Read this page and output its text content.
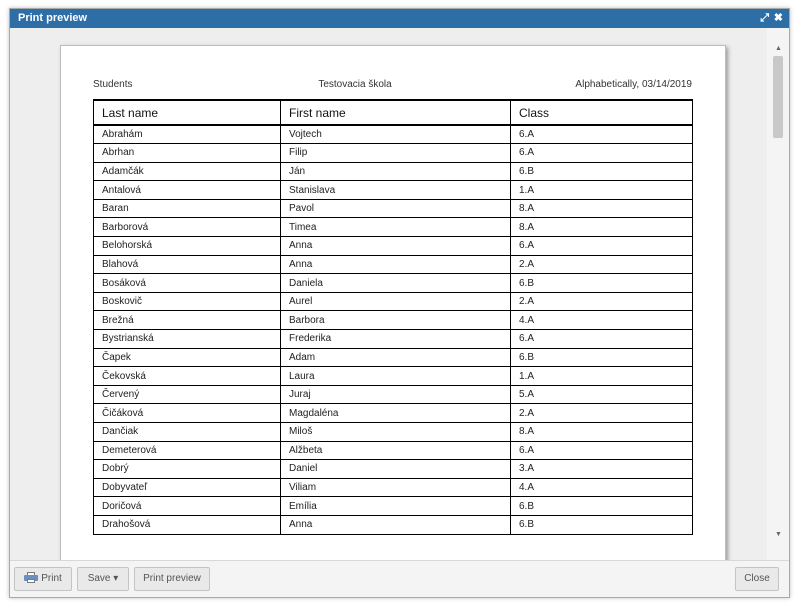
Print preview	⤢ ✖
Students	Testovacia škola	Alphabetically, 03/14/2019
Last name	First name	Class
Abrahám	Vojtech	6.A
Abrhan	Filip	6.A
Adamčák	Ján	6.B
Antalová	Stanislava	1.A
Baran	Pavol	8.A
Barborová	Timea	8.A
Belohorská	Anna	6.A
Blahová	Anna	2.A
Bosáková	Daniela	6.B
Boskovič	Aurel	2.A
Brežná	Barbora	4.A
Bystrianská	Frederika	6.A
Čapek	Adam	6.B
Čekovská	Laura	1.A
Červený	Juraj	5.A
Čičáková	Magdaléna	2.A
Dančiak	Miloš	8.A
Demeterová	Alžbeta	6.A
Dobrý	Daniel	3.A
Dobyvateľ	Viliam	4.A
Doričová	Emília	6.B
Drahošová	Anna	6.B
▲
▼
Print	Save ▾	Print preview	Close
